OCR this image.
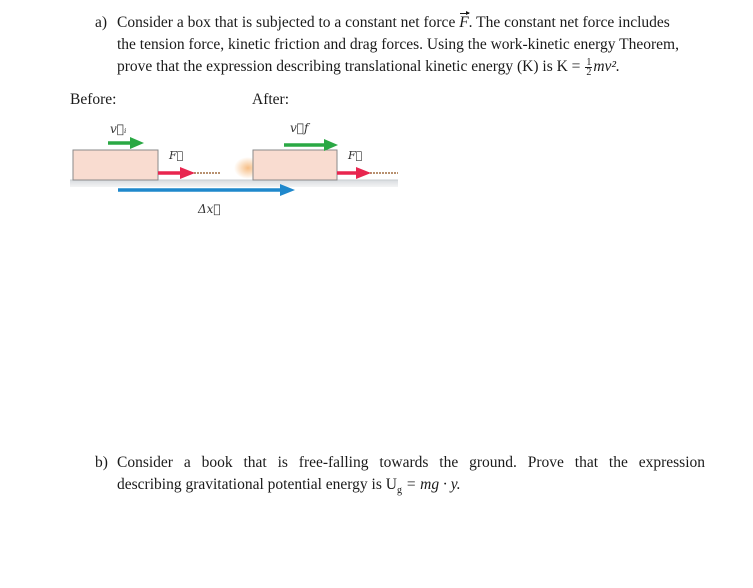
a) Consider a box that is subjected to a constant net force F. The constant net force includes
the tension force, kinetic friction and drag forces. Using the work-kinetic energy Theorem,
prove that the expression describing translational kinetic energy (K) is $K = \frac{1}{2} mv^2$.
Before:	After:
v⃗ᵢ	v⃗f
F⃗	F⃗
Δx⃗
b) Consider a book that is free-falling towards the ground. Prove that the expression
describing gravitational potential energy is $U_g$ = mg · y.
